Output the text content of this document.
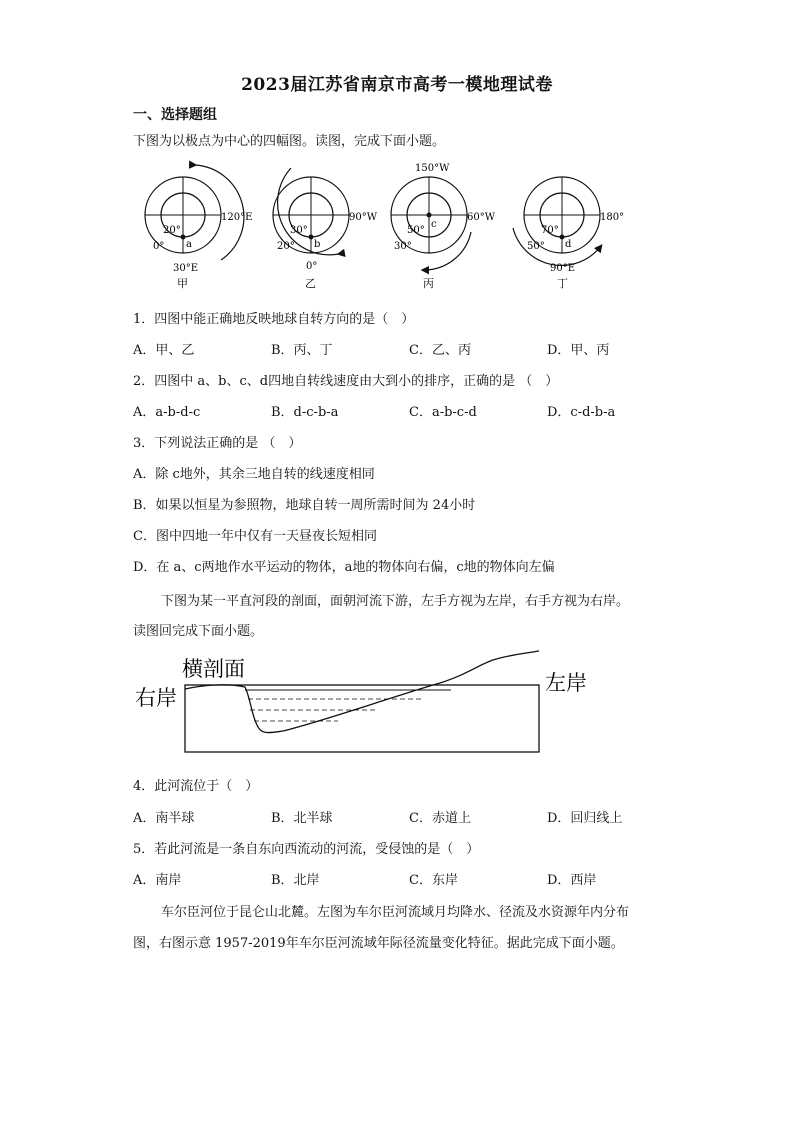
2023届江苏省南京市高考一模地理试卷
一、选择题组
下图为以极点为中心的四幅图。读图，完成下面小题。
20°
a
120°E
0°
30°E
甲
30°
b
90°W
20°
0°
乙
50°
c
60°W
30°
150°W
丙
70°
d
180°
50°
90°E
丁
1．四图中能正确地反映地球自转方向的是（　）
A．甲、乙	B．丙、丁	C．乙、丙	D．甲、丙
2．四图中 a、b、c、d四地自转线速度由大到小的排序，正确的是 （　）
A．a-b-d-c	B．d-c-b-a	C．a-b-c-d	D．c-d-b-a
3．下列说法正确的是 （　）
A．除 c地外，其余三地自转的线速度相同
B．如果以恒星为参照物，地球自转一周所需时间为 24小时
C．图中四地一年中仅有一天昼夜长短相同
D．在 a、c两地作水平运动的物体，a地的物体向右偏，c地的物体向左偏
下图为某一平直河段的剖面，面朝河流下游，左手方视为左岸，右手方视为右岸。
读图回完成下面小题。
横剖面
右岸
左岸
4．此河流位于（　）
A．南半球	B．北半球	C．赤道上	D．回归线上
5．若此河流是一条自东向西流动的河流，受侵蚀的是（　）
A．南岸	B．北岸	C．东岸	D．西岸
车尔臣河位于昆仑山北麓。左图为车尔臣河流域月均降水、径流及水资源年内分布
图，右图示意 1957-2019年车尔臣河流域年际径流量变化特征。据此完成下面小题。
